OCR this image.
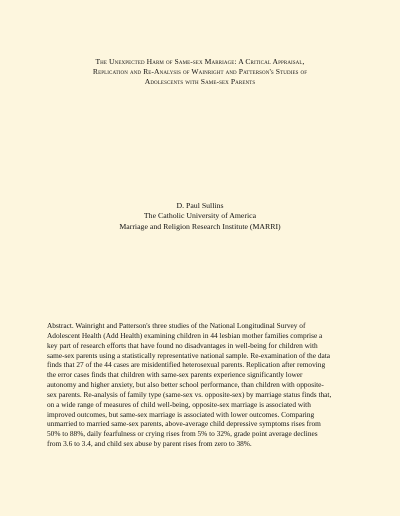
The Unexpected Harm of Same-sex Marriage: A Critical Appraisal,
Replication and Re-Analysis of Wainright and Patterson's Studies of
Adolescents with Same-sex Parents
D. Paul Sullins
The Catholic University of America
Marriage and Religion Research Institute (MARRI)
Abstract. Wainright and Patterson's three studies of the National Longitudinal Survey of
Adolescent Health (Add Health) examining children in 44 lesbian mother families comprise a
key part of research efforts that have found no disadvantages in well-being for children with
same-sex parents using a statistically representative national sample. Re-examination of the data
finds that 27 of the 44 cases are misidentified heterosexual parents. Replication after removing
the error cases finds that children with same-sex parents experience significantly lower
autonomy and higher anxiety, but also better school performance, than children with opposite-
sex parents. Re-analysis of family type (same-sex vs. opposite-sex) by marriage status finds that,
on a wide range of measures of child well-being, opposite-sex marriage is associated with
improved outcomes, but same-sex marriage is associated with lower outcomes. Comparing
unmarried to married same-sex parents, above-average child depressive symptoms rises from
50% to 88%, daily fearfulness or crying rises from 5% to 32%, grade point average declines
from 3.6 to 3.4, and child sex abuse by parent rises from zero to 38%.
